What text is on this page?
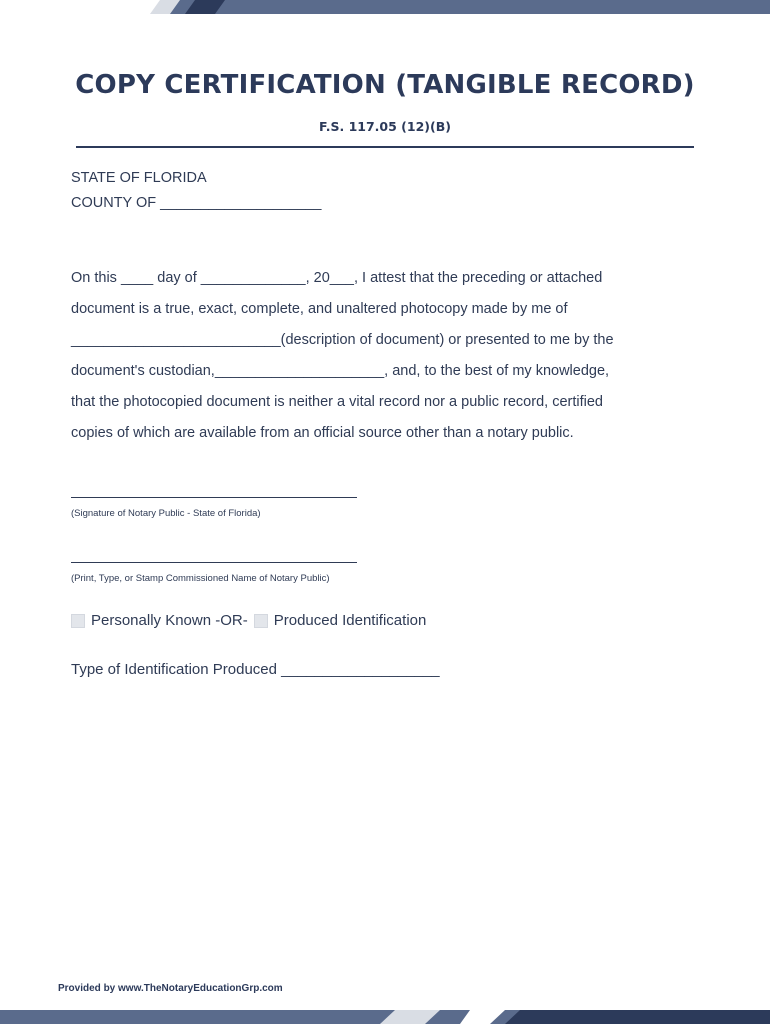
COPY CERTIFICATION (TANGIBLE RECORD)
F.S. 117.05 (12)(B)
STATE OF FLORIDA
COUNTY OF ____________________
On this ____ day of _____________, 20___, I attest that the preceding or attached
document is a true, exact, complete, and unaltered photocopy made by me of
__________________________(description of document) or presented to me by the
document's custodian,_____________________, and, to the best of my knowledge,
that the photocopied document is neither a vital record nor a public record, certified
copies of which are available from an official source other than a notary public.
(Signature of Notary Public - State of Florida)
(Print, Type, or Stamp Commissioned Name of Notary Public)
Personally Known -OR- Produced Identification
Type of Identification Produced ___________________
Provided by www.TheNotaryEducationGrp.com
